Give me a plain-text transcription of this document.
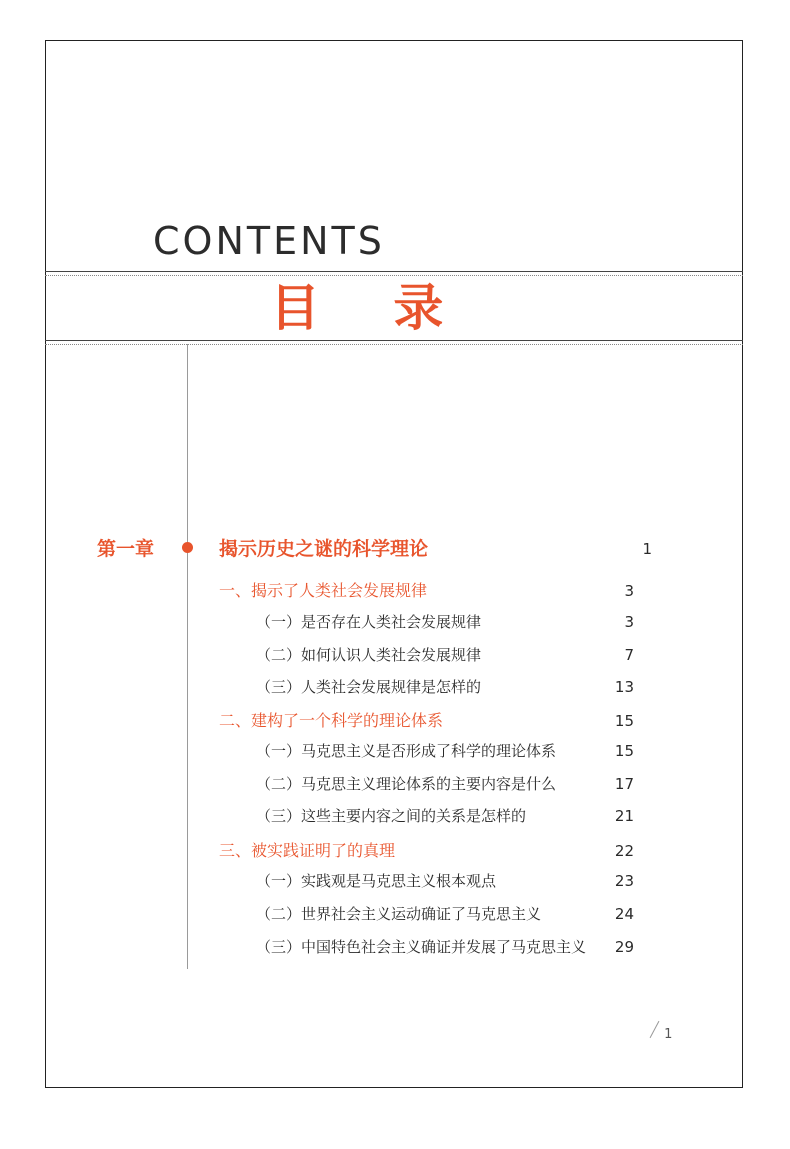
CONTENTS
目 录
第一章	揭示历史之谜的科学理论	1
一、揭示了人类社会发展规律	3
（一）是否存在人类社会发展规律	3
（二）如何认识人类社会发展规律	7
（三）人类社会发展规律是怎样的	13
二、建构了一个科学的理论体系	15
（一）马克思主义是否形成了科学的理论体系	15
（二）马克思主义理论体系的主要内容是什么	17
（三）这些主要内容之间的关系是怎样的	21
三、被实践证明了的真理	22
（一）实践观是马克思主义根本观点	23
（二）世界社会主义运动确证了马克思主义	24
（三）中国特色社会主义确证并发展了马克思主义	29
1
